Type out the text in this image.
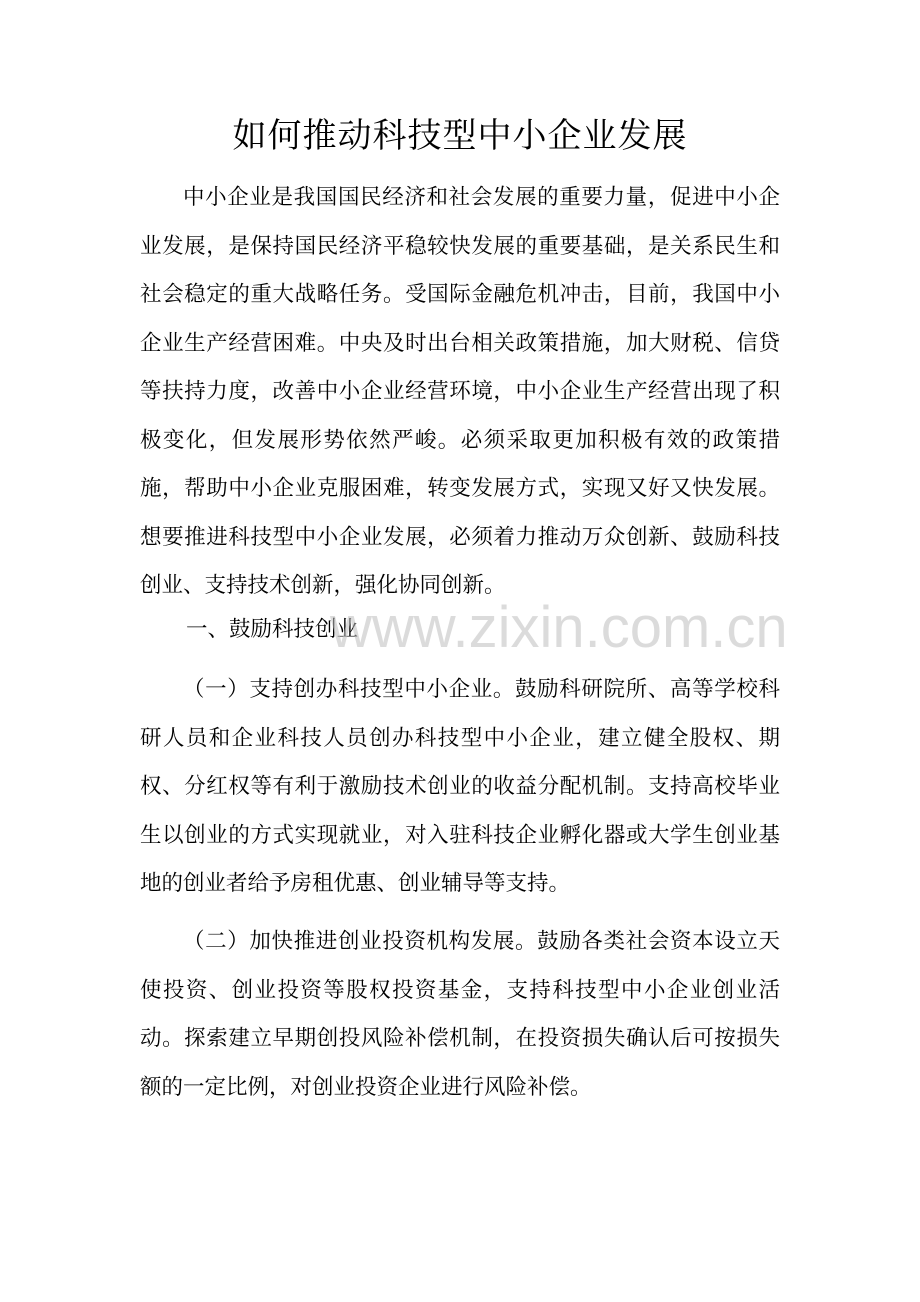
如何推动科技型中小企业发展

中小企业是我国国民经济和社会发展的重要力量，促进中小企业发展，是保持国民经济平稳较快发展的重要基础，是关系民生和社会稳定的重大战略任务。受国际金融危机冲击，目前，我国中小企业生产经营困难。中央及时出台相关政策措施，加大财税、信贷等扶持力度，改善中小企业经营环境，中小企业生产经营出现了积极变化，但发展形势依然严峻。必须采取更加积极有效的政策措施，帮助中小企业克服困难，转变发展方式，实现又好又快发展。想要推进科技型中小企业发展，必须着力推动万众创新、鼓励科技创业、支持技术创新，强化协同创新。

一、鼓励科技创业

（一）支持创办科技型中小企业。鼓励科研院所、高等学校科研人员和企业科技人员创办科技型中小企业，建立健全股权、期权、分红权等有利于激励技术创业的收益分配机制。支持高校毕业生以创业的方式实现就业，对入驻科技企业孵化器或大学生创业基地的创业者给予房租优惠、创业辅导等支持。

（二）加快推进创业投资机构发展。鼓励各类社会资本设立天使投资、创业投资等股权投资基金，支持科技型中小企业创业活动。探索建立早期创投风险补偿机制，在投资损失确认后可按损失额的一定比例，对创业投资企业进行风险补偿。

www.zixin.com.cn
